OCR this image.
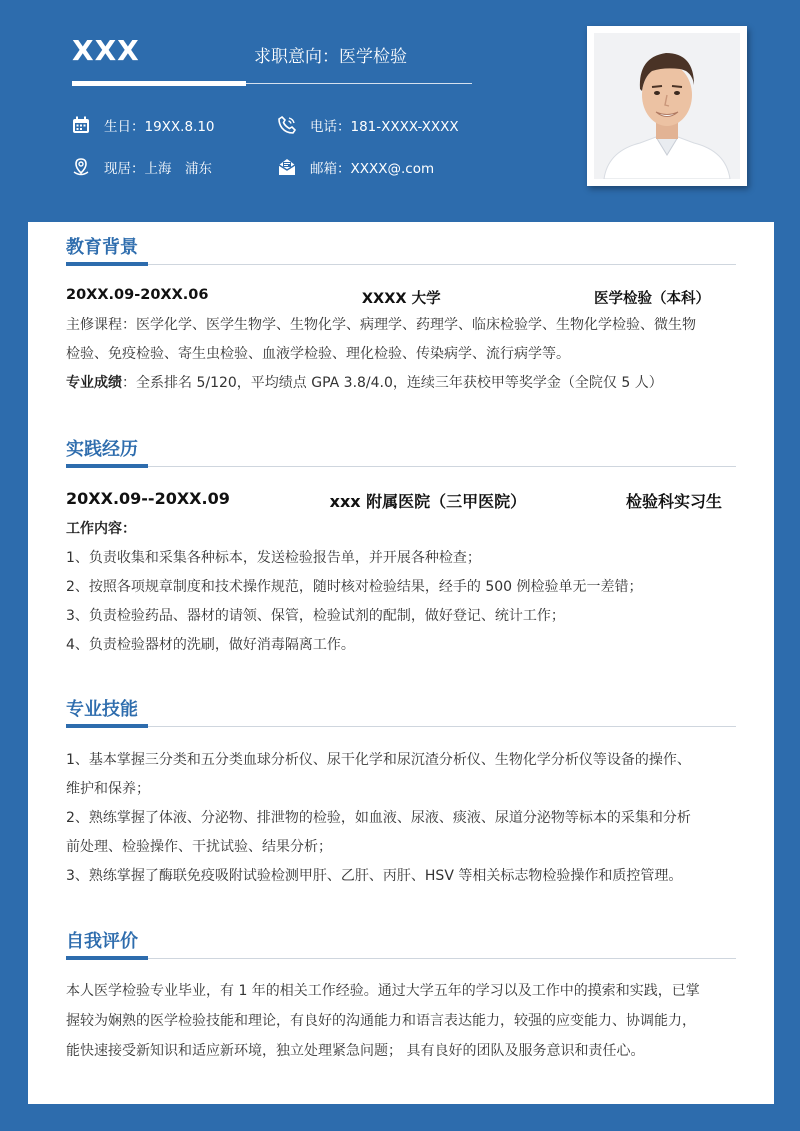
XXX	求职意向：医学检验
生日：19XX.8.10	电话：181-XXXX-XXXX
现居：上海　浦东	邮箱：XXXX@.com
教育背景
20XX.09-20XX.06	XXXX 大学	医学检验（本科）
主修课程：医学化学、医学生物学、生物化学、病理学、药理学、临床检验学、生物化学检验、微生物
检验、免疫检验、寄生虫检验、血液学检验、理化检验、传染病学、流行病学等。
专业成绩：全系排名 5/120，平均绩点 GPA 3.8/4.0，连续三年获校甲等奖学金（全院仅 5 人）
实践经历
20XX.09--20XX.09	xxx 附属医院（三甲医院）	检验科实习生
工作内容：
1、负责收集和采集各种标本，发送检验报告单，并开展各种检查；
2、按照各项规章制度和技术操作规范，随时核对检验结果，经手的 500 例检验单无一差错；
3、负责检验药品、器材的请领、保管，检验试剂的配制，做好登记、统计工作；
4、负责检验器材的洗刷，做好消毒隔离工作。
专业技能
1、基本掌握三分类和五分类血球分析仪、尿干化学和尿沉渣分析仪、生物化学分析仪等设备的操作、
维护和保养；
2、熟练掌握了体液、分泌物、排泄物的检验，如血液、尿液、痰液、尿道分泌物等标本的采集和分析
前处理、检验操作、干扰试验、结果分析；
3、熟练掌握了酶联免疫吸附试验检测甲肝、乙肝、丙肝、HSV 等相关标志物检验操作和质控管理。
自我评价
本人医学检验专业毕业，有 1 年的相关工作经验。通过大学五年的学习以及工作中的摸索和实践，已掌
握较为娴熟的医学检验技能和理论，有良好的沟通能力和语言表达能力，较强的应变能力、协调能力，
能快速接受新知识和适应新环境，独立处理紧急问题； 具有良好的团队及服务意识和责任心。
